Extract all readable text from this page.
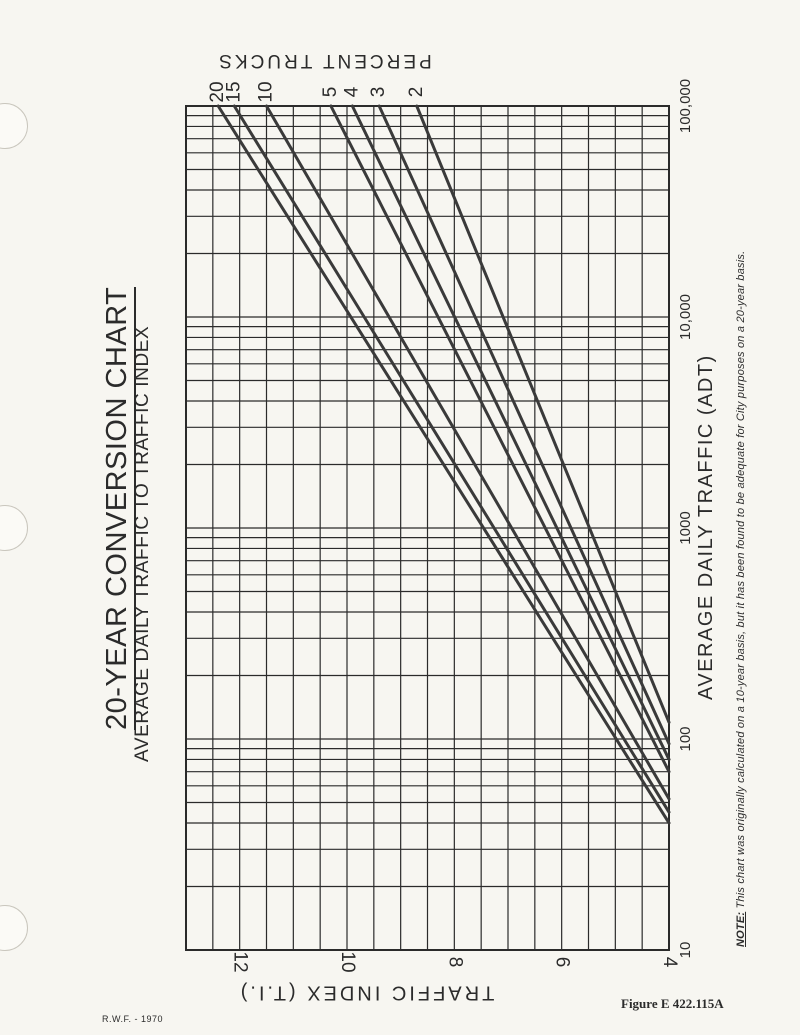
20-YEAR CONVERSION CHART AVERAGE DAILY TRAFFIC TO TRAFFIC INDEX
10
100
1000
10,000
100,000
4
6
8
10
12
20
15 10 5 4 3 2
TRAFFIC INDEX (T.I.)
PERCENT TRUCKS
AVERAGE DAILY TRAFFIC (ADT)
NOTE: This chart was originally calculated on a 10-year basis, but it has been found to be adequate for City purposes on a 20-year basis.
R.W.F. - 1970
Figure E 422.115A
